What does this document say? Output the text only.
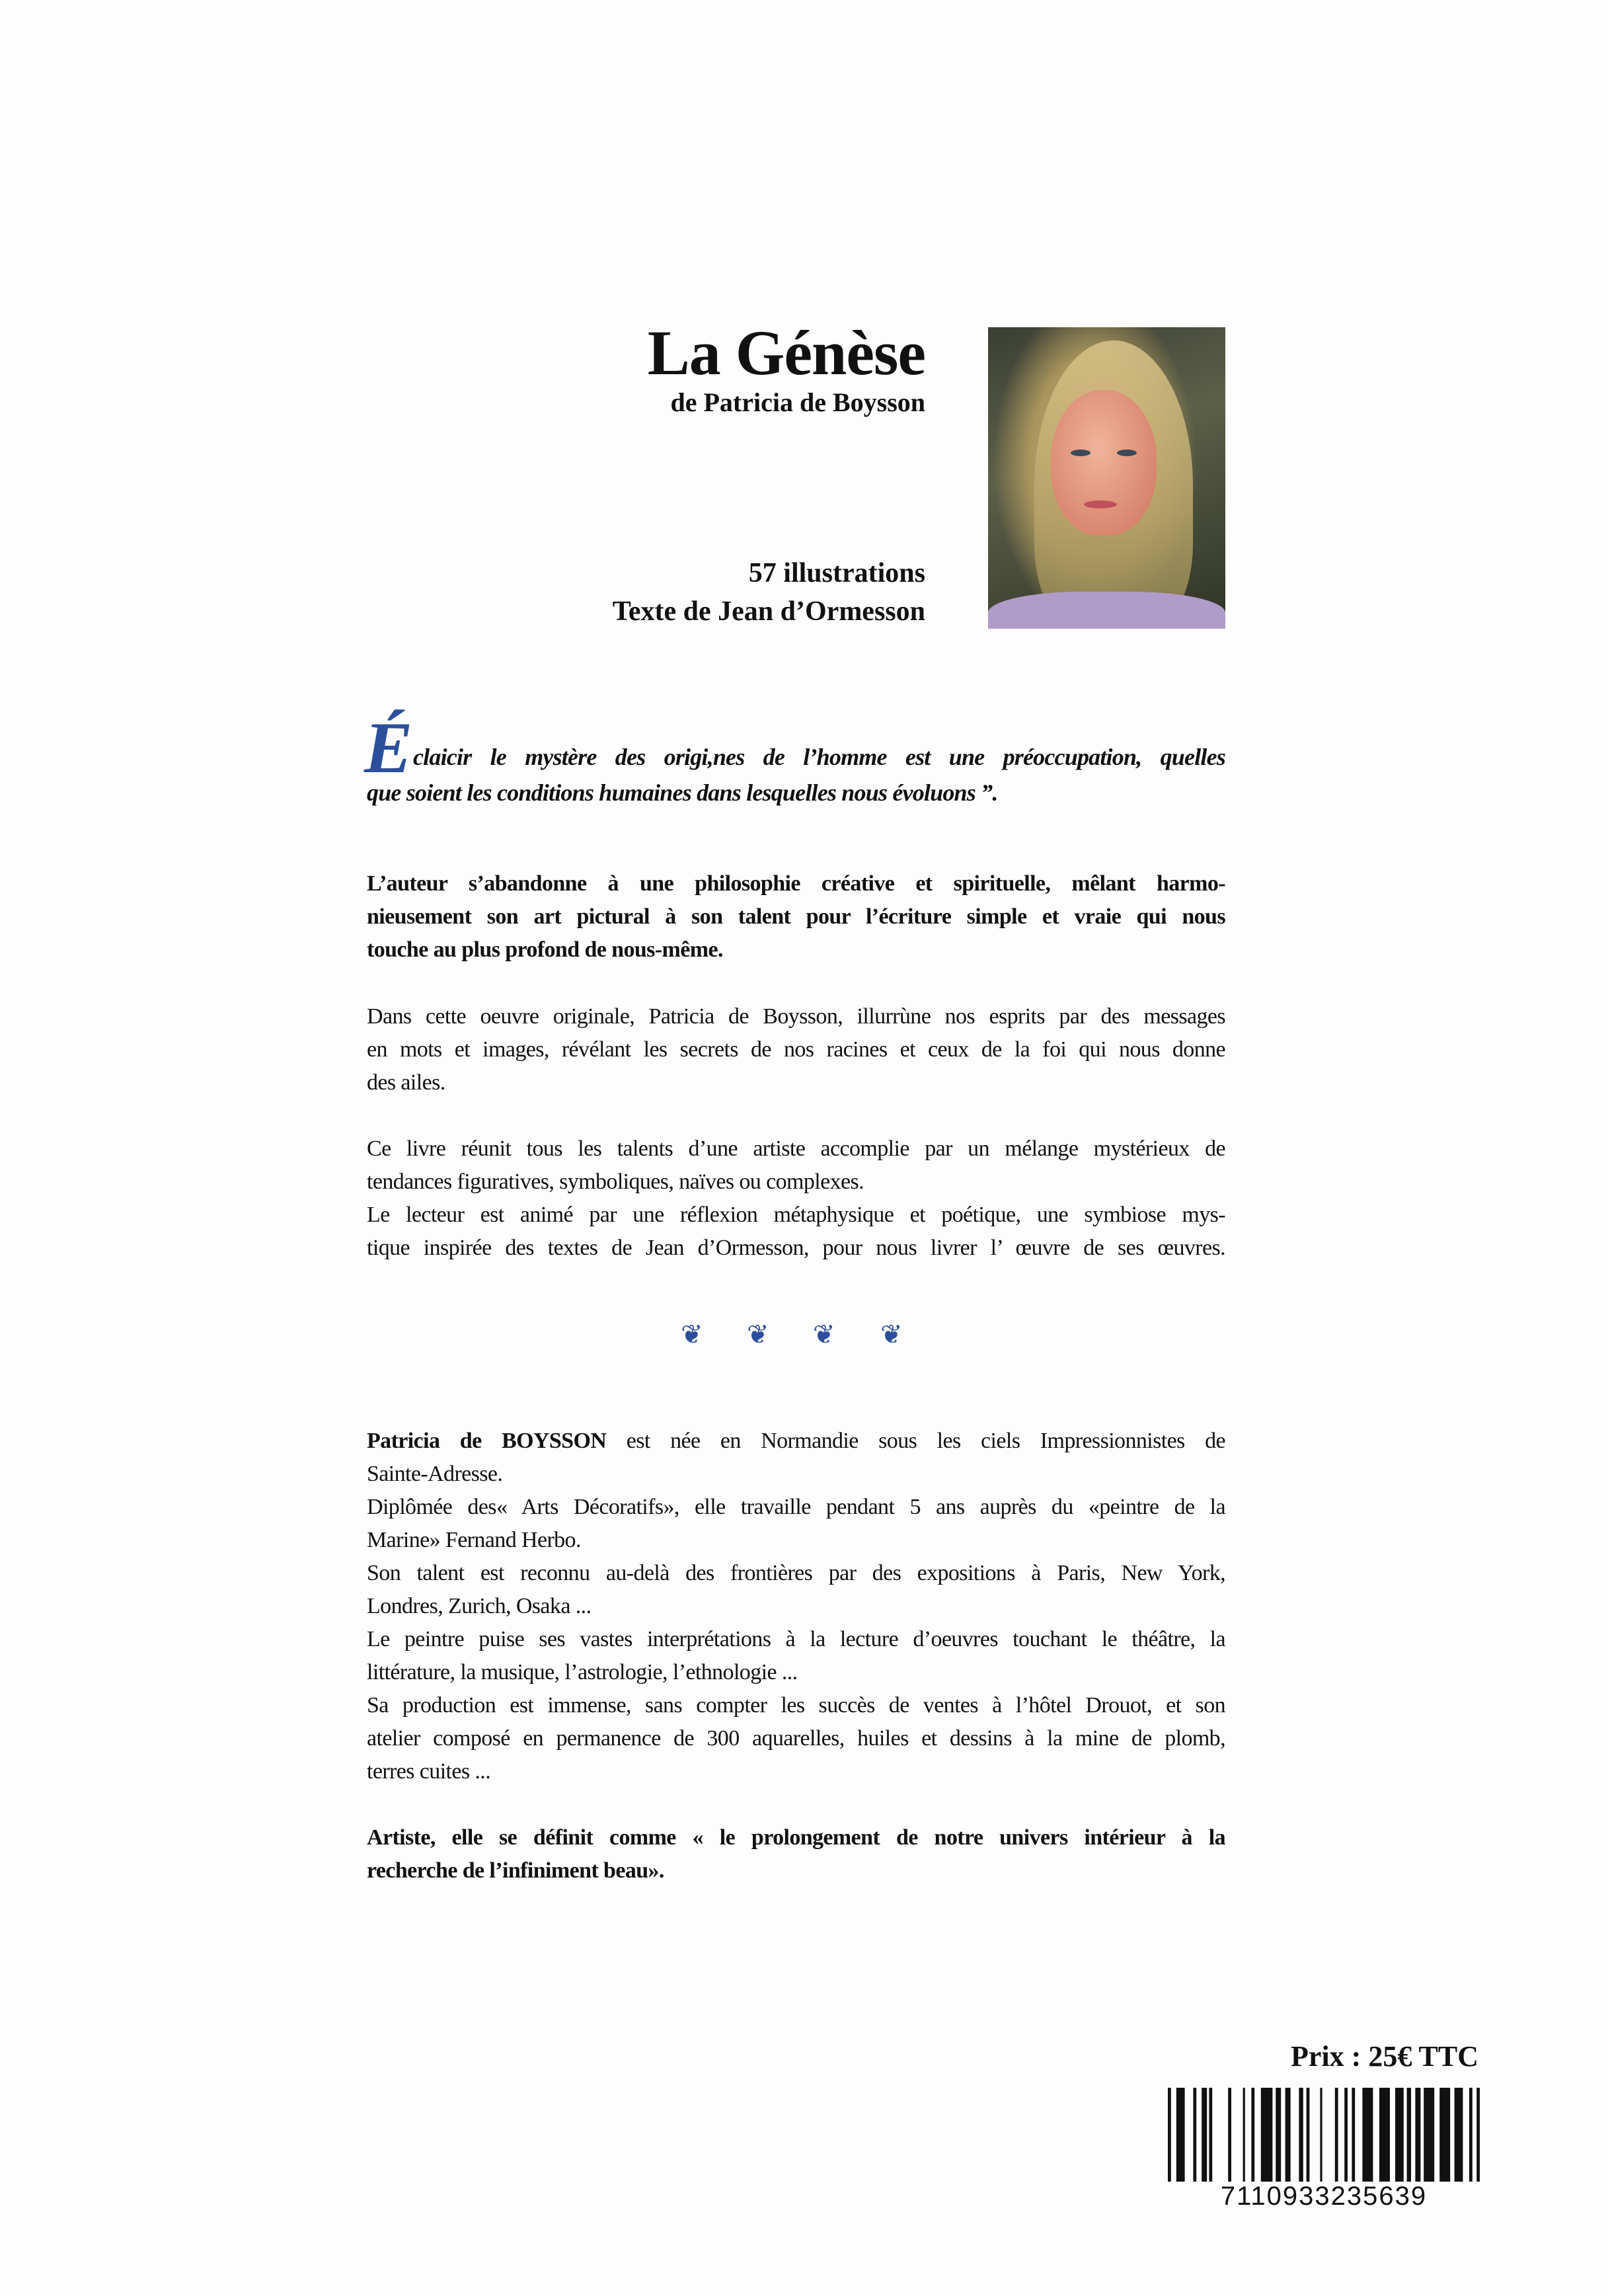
La Génèse
de Patricia de Boysson
57 illustrations
Texte de Jean d’Ormesson
É claicir le mystère des origi,nes de l’homme est une préoccupation, quelles
que soient les conditions humaines dans lesquelles nous évoluons ”.
L’auteur s’abandonne à une philosophie créative et spirituelle, mêlant harmo-
nieusement son art pictural à son talent pour l’écriture simple et vraie qui nous
touche au plus profond de nous-même.
Dans cette oeuvre originale, Patricia de Boysson, illurrùne nos esprits par des messages
en mots et images, révélant les secrets de nos racines et ceux de la foi qui nous donne
des ailes.
Ce livre réunit tous les talents d’une artiste accomplie par un mélange mystérieux de
tendances figuratives, symboliques, naïves ou complexes.
Le lecteur est animé par une réflexion métaphysique et poétique, une symbiose mys-
tique inspirée des textes de Jean d’Ormesson, pour nous livrer l’ œuvre de ses œuvres.
❦ ❦ ❦ ❦
Patricia de BOYSSON est née en Normandie sous les ciels Impressionnistes de
Sainte-Adresse.
Diplômée des« Arts Décoratifs», elle travaille pendant 5 ans auprès du «peintre de la
Marine» Fernand Herbo.
Son talent est reconnu au-delà des frontières par des expositions à Paris, New York,
Londres, Zurich, Osaka ...
Le peintre puise ses vastes interprétations à la lecture d’oeuvres touchant le théâtre, la
littérature, la musique, l’astrologie, l’ethnologie ...
Sa production est immense, sans compter les succès de ventes à l’hôtel Drouot, et son
atelier composé en permanence de 300 aquarelles, huiles et dessins à la mine de plomb,
terres cuites ...
Artiste, elle se définit comme « le prolongement de notre univers intérieur à la
recherche de l’infiniment beau».
Prix : 25€ TTC
7110933235639
